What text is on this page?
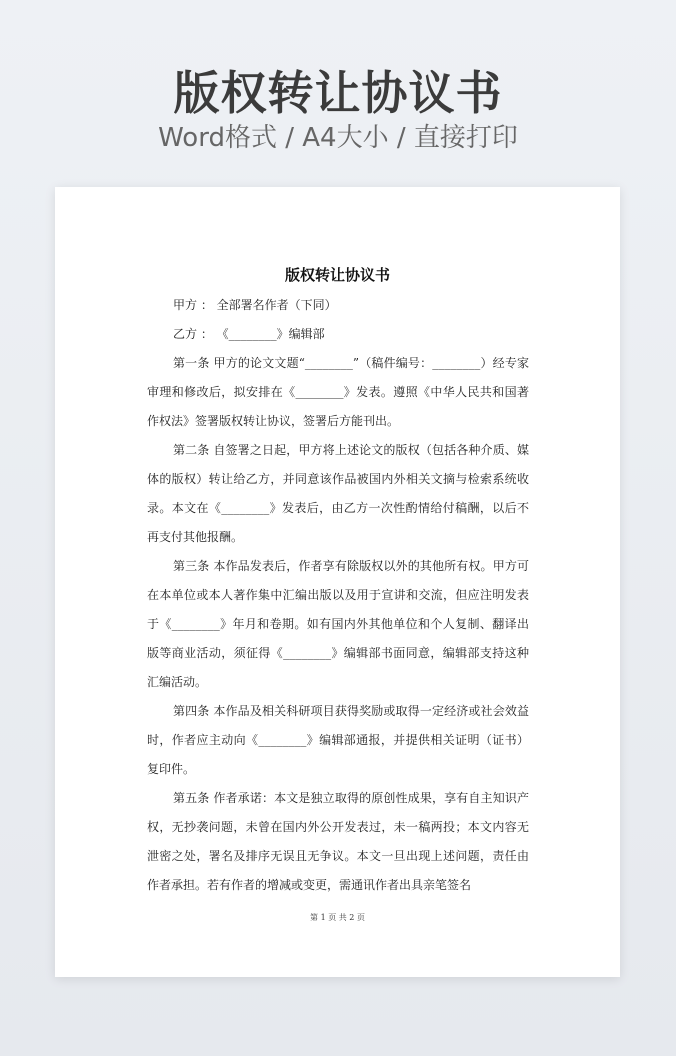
版权转让协议书
Word格式 / A4大小 / 直接打印
版权转让协议书

甲方 ： 全部署名作者（下同）

乙方 ： 《________》编辑部

第一条 甲方的论文文题“________”（稿件编号：________）经专家审理和修改后，拟安排在《________》发表。遵照《中华人民共和国著作权法》签署版权转让协议，签署后方能刊出。

第二条 自签署之日起，甲方将上述论文的版权（包括各种介质、媒体的版权）转让给乙方，并同意该作品被国内外相关文摘与检索系统收录。本文在《________》发表后，由乙方一次性酌情给付稿酬，以后不再支付其他报酬。

第三条 本作品发表后，作者享有除版权以外的其他所有权。甲方可在本单位或本人著作集中汇编出版以及用于宣讲和交流，但应注明发表于《________》年月和卷期。如有国内外其他单位和个人复制、翻译出版等商业活动，须征得《________》编辑部书面同意，编辑部支持这种汇编活动。

第四条 本作品及相关科研项目获得奖励或取得一定经济或社会效益时，作者应主动向《________》编辑部通报，并提供相关证明（证书）复印件。

第五条 作者承诺：本文是独立取得的原创性成果，享有自主知识产权，无抄袭问题，未曾在国内外公开发表过，未一稿两投；本文内容无泄密之处，署名及排序无误且无争议。本文一旦出现上述问题，责任由作者承担。若有作者的增减或变更，需通讯作者出具亲笔签名

第 1 页 共 2 页
